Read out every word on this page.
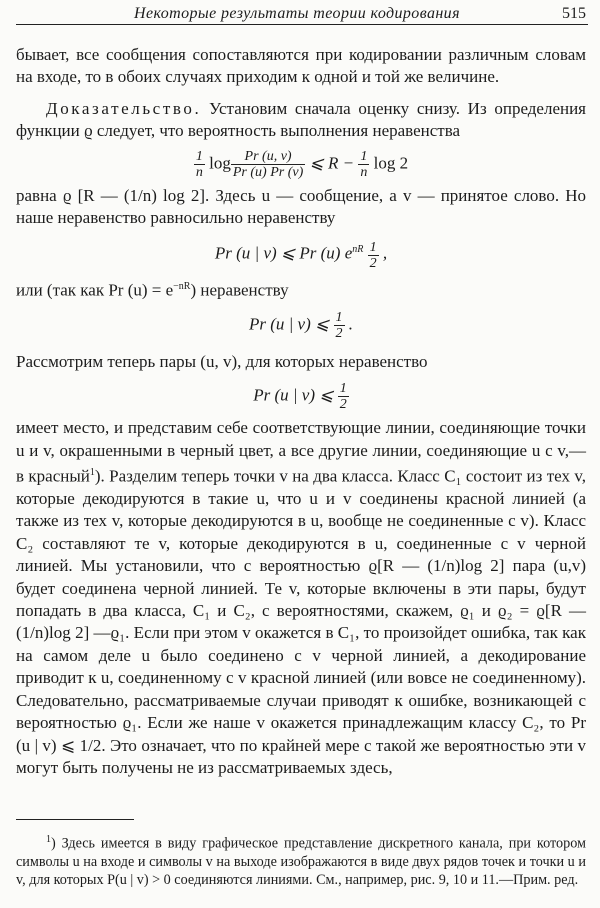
Некоторые результаты теории кодирования	515

бывает, все сообщения сопоставляются при кодировании различным словам на входе, то в обоих случаях приходим к одной и той же величине.

Доказательство. Установим сначала оценку снизу. Из определения функции ϱ следует, что вероятность выполнения неравенства

$\frac{1}{n}$ $\log \frac{Pr (u, v)}{Pr (u) Pr (v)}$ ⩽ $R - \frac{1}{n}$ log 2

равна ϱ [R — (1/n) log 2]. Здесь u — сообщение, а v — принятое слово. Но наше неравенство равносильно неравенству

Pr (u | v) ⩽ Pr (u) $e^{nR} \frac{1}{2}$ ,

или (так как Pr $(u) = e^{-nR}$) неравенству

Pr (u | v) ⩽ $\frac{1}{2}$ .

Рассмотрим теперь пары (u, v), для которых неравенство

Pr (u | v) ⩽ $\frac{1}{2}$

имеет место, и представим себе соответствующие линии, соединяющие точки u и v, окрашенными в черный цвет, а все другие линии, соединяющие u с v,— в красный$^1$). Разделим теперь точки v на два класса. Класс C₁ состоит из тех v, которые декодируются в такие u, что u и v соединены красной линией (а также из тех v, которые декодируются в u, вообще не соединенные с v). Класс C₂ составляют те v, которые декодируются в u, соединенные с v черной линией. Мы установили, что с вероятностью ϱ[R — (1/n)log 2] пара (u,v) будет соединена черной линией. Те v, которые включены в эти пары, будут попадать в два класса, C₁ и C₂, с вероятностями, скажем, ϱ₁ и ϱ₂ = ϱ[R — (1/n)log 2] —ϱ₁. Если при этом v окажется в C₁, то произойдет ошибка, так как на самом деле u было соединено с v черной линией, а декодирование приводит к u, соединенному с v красной линией (или вовсе не соединенному). Следовательно, рассматриваемые случаи приводят к ошибке, возникающей с вероятностью ϱ₁. Если же наше v окажется принадлежащим классу C₂, то Pr (u | v) ⩽ 1/2. Это означает, что по крайней мере с такой же вероятностью эти v могут быть получены не из рассматриваемых здесь,

$^1$) Здесь имеется в виду графическое представление дискретного канала, при котором символы u на входе и символы v на выходе изображаются в виде двух рядов точек и точки u и v, для которых P(u | v) > 0 соединяются линиями. См., например, рис. 9, 10 и 11.—Прим. ред.
